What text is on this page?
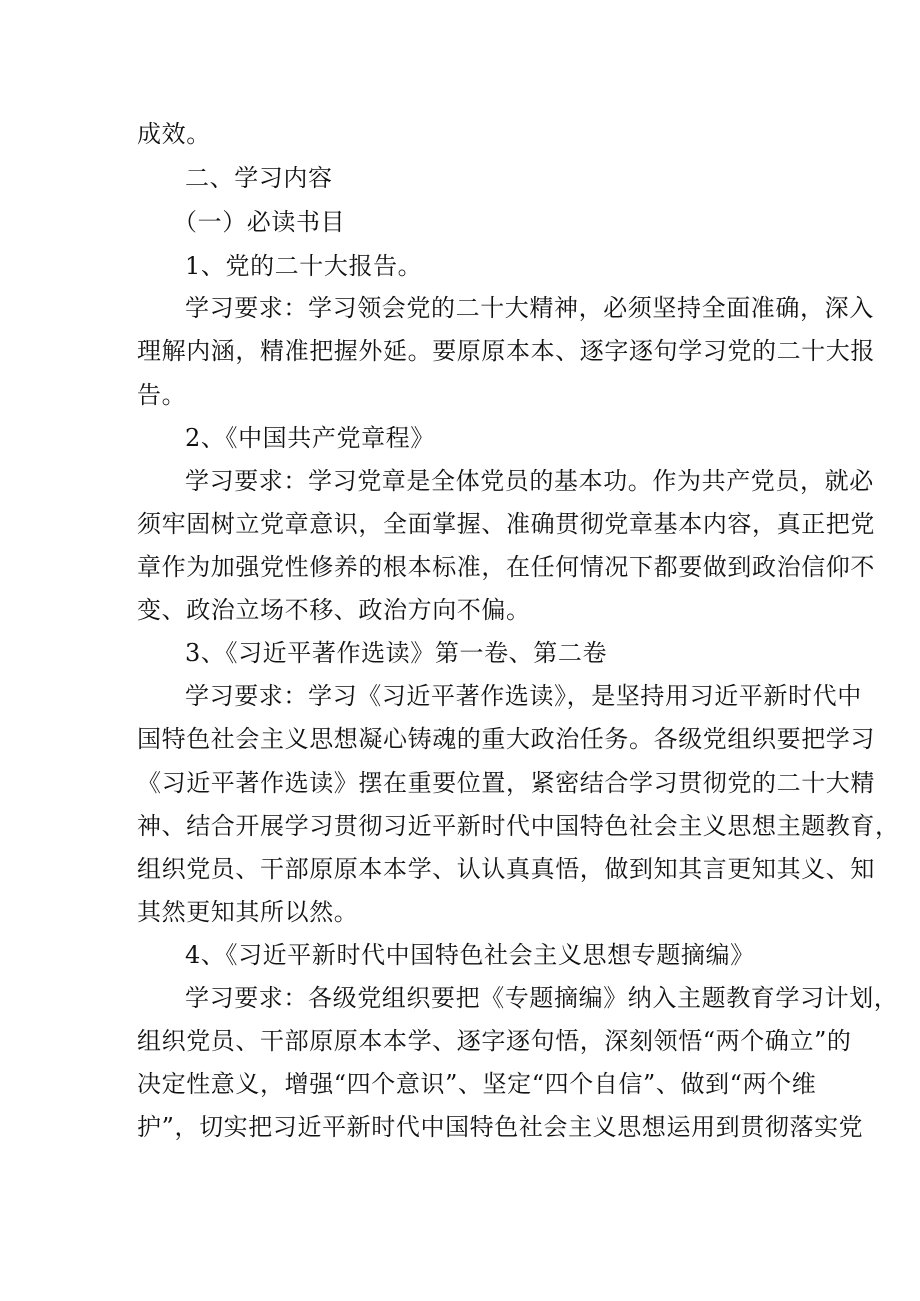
成效。
二、学习内容
（一）必读书目
1、党的二十大报告。
学习要求：学习领会党的二十大精神，必须坚持全面准确，深入
理解内涵，精准把握外延。要原原本本、逐字逐句学习党的二十大报
告。
2、《中国共产党章程》
学习要求：学习党章是全体党员的基本功。作为共产党员，就必
须牢固树立党章意识，全面掌握、准确贯彻党章基本内容，真正把党
章作为加强党性修养的根本标准，在任何情况下都要做到政治信仰不
变、政治立场不移、政治方向不偏。
3、《习近平著作选读》第一卷、第二卷
学习要求：学习《习近平著作选读》，是坚持用习近平新时代中
国特色社会主义思想凝心铸魂的重大政治任务。各级党组织要把学习
《习近平著作选读》摆在重要位置，紧密结合学习贯彻党的二十大精
神、结合开展学习贯彻习近平新时代中国特色社会主义思想主题教育，
组织党员、干部原原本本学、认认真真悟，做到知其言更知其义、知
其然更知其所以然。
4、《习近平新时代中国特色社会主义思想专题摘编》
学习要求：各级党组织要把《专题摘编》纳入主题教育学习计划，
组织党员、干部原原本本学、逐字逐句悟，深刻领悟“两个确立”的
决定性意义，增强“四个意识”、坚定“四个自信”、做到“两个维
护”，切实把习近平新时代中国特色社会主义思想运用到贯彻落实党
